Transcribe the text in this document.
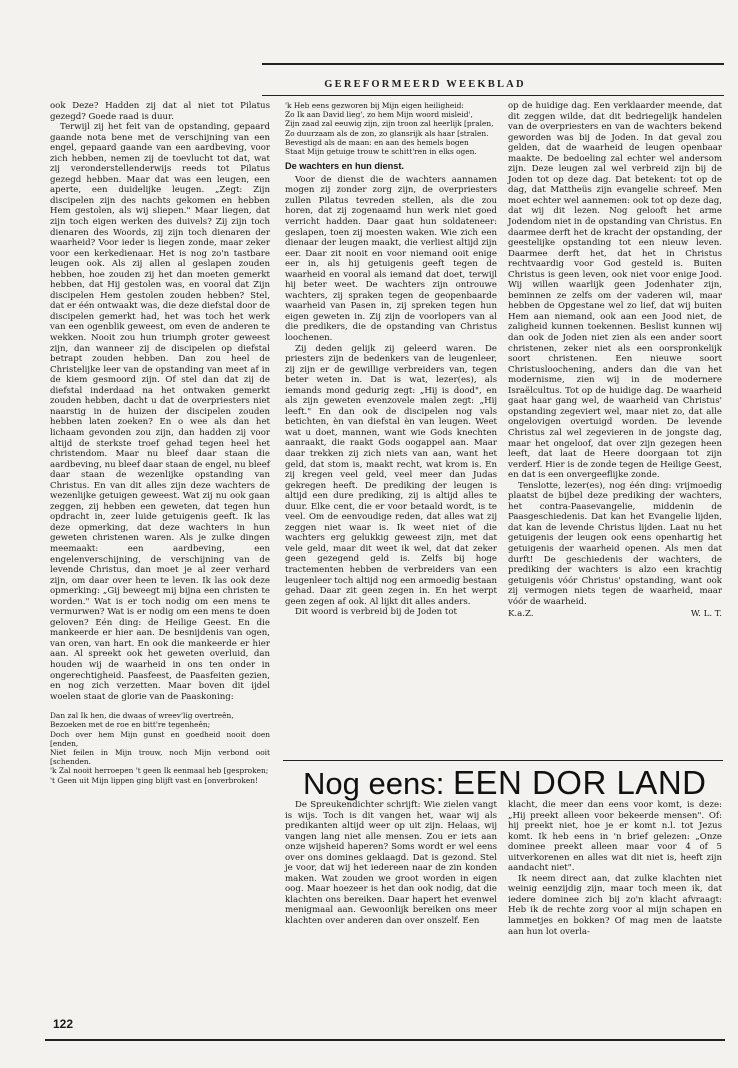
GEREFORMEERD WEEKBLAD

ook Deze? Hadden zij dat al niet tot Pilatus gezegd? Goede raad is duur.

Terwijl zij het feit van de opstanding, gepaard gaande nota bene met de verschijning van een engel, gepaard gaande van een aardbeving, voor zich hebben, nemen zij de toevlucht tot dat, wat zij veronderstellenderwijs reeds tot Pilatus gezegd hebben. Maar dat was een leugen, een aperte, een duidelijke leugen. „Zegt: Zijn discipelen zijn des nachts gekomen en hebben Hem gestolen, als wij sliepen." Maar liegen, dat zijn toch eigen werken des duivels? Zij zijn toch dienaren des Woords, zij zijn toch dienaren der waarheid? Voor ieder is liegen zonde, maar zeker voor een kerkedienaar. Het is nog zo'n tastbare leugen ook. Als zij allen al geslapen zouden hebben, hoe zouden zij het dan moeten gemerkt hebben, dat Hij gestolen was, en vooral dat Zijn discipelen Hem gestolen zouden hebben? Stel, dat er één ontwaakt was, die deze diefstal door de discipelen gemerkt had, het was toch het werk van een ogenblik geweest, om even de anderen te wekken. Nooit zou hun triumph groter geweest zijn, dan wanneer zij de discipelen op diefstal betrapt zouden hebben. Dan zou heel de Christelijke leer van de opstanding van meet af in de kiem gesmoord zijn. Of stel dan dat zij de diefstal inderdaad na het ontwaken gemerkt zouden hebben, dacht u dat de overpriesters niet naarstig in de huizen der discipelen zouden hebben laten zoeken? En o wee als dan het lichaam gevonden zou zijn, dan hadden zij voor altijd de sterkste troef gehad tegen heel het christendom. Maar nu bleef daar staan die aardbeving, nu bleef daar staan de engel, nu bleef daar staan de wezenlijke opstanding van Christus. En van dit alles zijn deze wachters de wezenlijke getuigen geweest. Wat zij nu ook gaan zeggen, zij hebben een geweten, dat tegen hun opdracht in, zeer luide getuigenis geeft. Ik las deze opmerking, dat deze wachters in hun geweten christenen waren. Als je zulke dingen meemaakt: een aardbeving, een engelenverschijning, de verschijning van de levende Christus, dan moet je al zeer verhard zijn, om daar over heen te leven. Ik las ook deze opmerking: „Gij beweegt mij bijna een christen te worden." Wat is er toch nodig om een mens te vermurwen? Wat is er nodig om een mens te doen geloven? Eén ding: de Heilige Geest. En die mankeerde er hier aan. De besnijdenis van ogen, van oren, van hart. En ook die mankeerde er hier aan. Al spreekt ook het geweten overluid, dan houden wij de waarheid in ons ten onder in ongerechtigheid. Paasfeest, de Paasfeiten gezien, en nog zich verzetten. Maar boven dit ijdel woelen staat de glorie van de Paaskoning:

Dan zal Ik hen, die dwaas of wreev'lig overtreên,
Bezoeken met de roe en bitt're tegenheên;
Doch over hem Mijn gunst en goedheid nooit doen [enden,
Niet feilen in Mijn trouw, noch Mijn verbond ooit [schenden.
'k Zal nooit herroepen 't geen Ik eenmaal heb [gesproken;
't Geen uit Mijn lippen ging blijft vast en [onverbroken!
'k Heb eens gezworen bij Mijn eigen heiligheid:
Zo Ik aan David lieg', zo hem Mijn woord misleid',
Zijn zaad zal eeuwig zijn, zijn troon zal heerlijk [pralen,
Zo duurzaam als de zon, zo glansrijk als haar [stralen.
Bevestigd als de maan: en aan des hemels bogen
Staat Mijn getuige trouw te schitt'ren in elks ogen.
De wachters en hun dienst.

Voor de dienst die de wachters aannamen mogen zij zonder zorg zijn, de overpriesters zullen Pilatus tevreden stellen, als die zou horen, dat zij zogenaamd hun werk niet goed verricht hadden. Daar gaat hun soldateneer: geslapen, toen zij moesten waken. Wie zich een dienaar der leugen maakt, die verliest altijd zijn eer. Daar zit nooit en voor niemand ooit enige eer in, als hij getuigenis geeft tegen de waarheid en vooral als iemand dat doet, terwijl hij beter weet. De wachters zijn ontrouwe wachters, zij spraken tegen de geopenbaarde waarheid van Pasen in, zij spreken tegen hun eigen geweten in. Zij zijn de voorlopers van al die predikers, die de opstanding van Christus loochenen.

Zij deden gelijk zij geleerd waren. De priesters zijn de bedenkers van de leugenleer, zij zijn er de gewillige verbreiders van, tegen beter weten in. Dat is wat, lezer(es), als iemands mond gedurig zegt: „Hij is dood", en als zijn geweten evenzovele malen zegt: „Hij leeft." En dan ook de discipelen nog vals betichten, èn van diefstal èn van leugen. Weet wat u doet, mannen, want wie Gods knechten aanraakt, die raakt Gods oogappel aan. Maar daar trekken zij zich niets van aan, want het geld, dat stom is, maakt recht, wat krom is. En zij kregen veel geld, veel meer dan Judas gekregen heeft. De prediking der leugen is altijd een dure prediking, zij is altijd alles te duur. Elke cent, die er voor betaald wordt, is te veel. Om de eenvoudige reden, dat alles wat zij zeggen niet waar is. Ik weet niet of die wachters erg gelukkig geweest zijn, met dat vele geld, maar dit weet ik wel, dat dat zeker geen gezegend geld is. Zelfs bij hoge tractementen hebben de verbreiders van een leugenleer toch altijd nog een armoedig bestaan gehad. Daar zit geen zegen in. En het werpt geen zegen af ook. Al lijkt dit alles anders.

Dit woord is verbreid bij de Joden tot

op de huidige dag. Een verklaarder meende, dat dit zeggen wilde, dat dit bedriegelijk handelen van de overpriesters en van de wachters bekend geworden was bij de Joden. In dat geval zou gelden, dat de waarheid de leugen openbaar maakte. De bedoeling zal echter wel andersom zijn. Deze leugen zal wel verbreid zijn bij de Joden tot op deze dag. Dat betekent: tot op de dag, dat Mattheüs zijn evangelie schreef. Men moet echter wel aannemen: ook tot op deze dag, dat wij dit lezen. Nog gelooft het arme Jodendom niet in de opstanding van Christus. En daarmee derft het de kracht der opstanding, der geestelijke opstanding tot een nieuw leven. Daarmee derft het, dat het in Christus rechtvaardig voor God gesteld is. Buiten Christus is geen leven, ook niet voor enige Jood. Wij willen waarlijk geen Jodenhater zijn, beminnen ze zelfs om der vaderen wil, maar hebben de Opgestane wel zo lief, dat wij buiten Hem aan niemand, ook aan een Jood niet, de zaligheid kunnen toekennen. Beslist kunnen wij dan ook de Joden niet zien als een ander soort christenen, zeker niet als een oorspronkelijk soort christenen. Een nieuwe soort Christusloochening, anders dan die van het modernisme, zien wij in de modernere Israëlcultus. Tot op de huidige dag. De waarheid gaat haar gang wel, de waarheid van Christus' opstanding zegeviert wel, maar niet zo, dat alle ongelovigen overtuigd worden. De levende Christus zal wel zegevieren in de jongste dag, maar het ongeloof, dat over zijn gezegen heen leeft, dat laat de Heere doorgaan tot zijn verderf. Hier is de zonde tegen de Heilige Geest, en dat is een onvergeeflijke zonde.

Tenslotte, lezer(es), nog één ding: vrijmoedig plaatst de bijbel deze prediking der wachters, het contra-Paasevangelie, middenin de Paasgeschiedenis. Dat kan het Evangelie lijden, dat kan de levende Christus lijden. Laat nu het getuigenis der leugen ook eens openhartig het getuigenis der waarheid openen. Als men dat durft! De geschiedenis der wachters, de prediking der wachters is alzo een krachtig getuigenis vóór Christus' opstanding, want ook zij vermogen niets tegen de waarheid, maar vóór de waarheid.

K.a.Z.	W. L. T.
Nog eens: EEN DOR LAND

De Spreukendichter schrijft: Wie zielen vangt is wijs. Toch is dit vangen het, waar wij als predikanten altijd weer op uit zijn. Helaas, wij vangen lang niet alle mensen. Zou er iets aan onze wijsheid haperen? Soms wordt er wel eens over ons domines geklaagd. Dat is gezond. Stel je voor, dat wij het iedereen naar de zin konden maken. Wat zouden we groot worden in eigen oog. Maar hoezeer is het dan ook nodig, dat die klachten ons bereiken. Daar hapert het evenwel menigmaal aan. Gewoonlijk bereiken ons meer klachten over anderen dan over onszelf. Een

klacht, die meer dan eens voor komt, is deze: „Hij preekt alleen voor bekeerde mensen". Of: hij preekt niet, hoe je er komt n.l. tot Jezus komt. Ik heb eens in 'n brief gelezen: „Onze dominee preekt alleen maar voor 4 of 5 uitverkorenen en alles wat dit niet is, heeft zijn aandacht niet".

Ik neem direct aan, dat zulke klachten niet weinig eenzijdig zijn, maar toch meen ik, dat iedere dominee zich bij zo'n klacht afvraagt: Heb ik de rechte zorg voor al mijn schapen en lammetjes en bokken? Of mag men de laatste aan hun lot overla-

122
